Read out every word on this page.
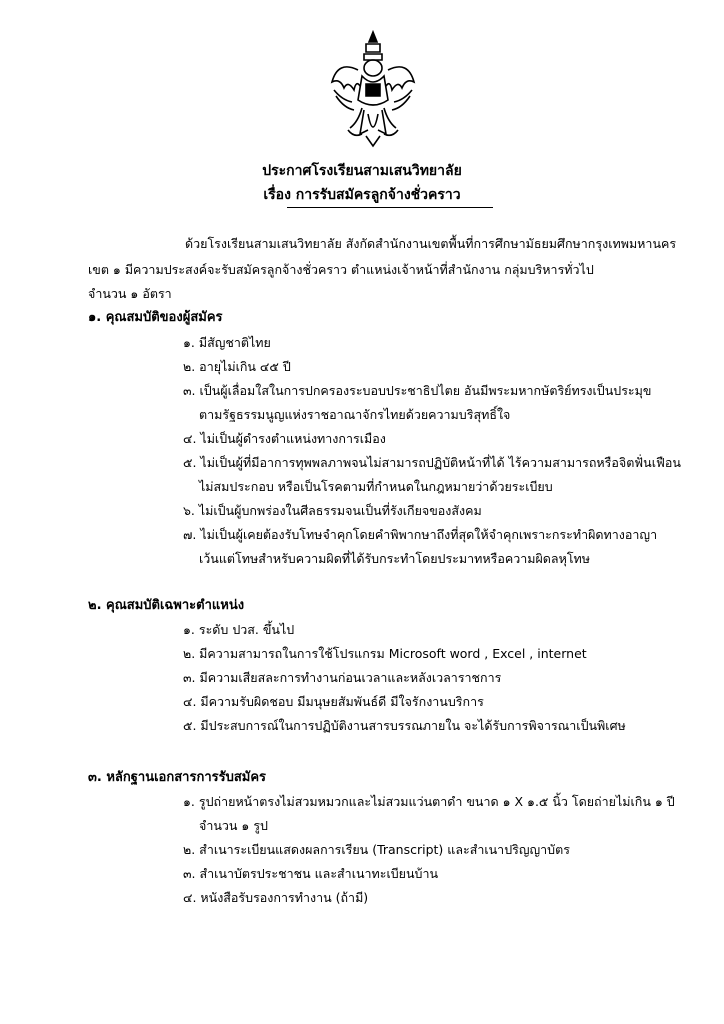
ประกาศโรงเรียนสามเสนวิทยาลัย
เรื่อง การรับสมัครลูกจ้างชั่วคราว
ด้วยโรงเรียนสามเสนวิทยาลัย สังกัดสำนักงานเขตพื้นที่การศึกษามัธยมศึกษากรุงเทพมหานคร
เขต ๑ มีความประสงค์จะรับสมัครลูกจ้างชั่วคราว ตำแหน่งเจ้าหน้าที่สำนักงาน กลุ่มบริหารทั่วไป
จำนวน ๑ อัตรา
๑. คุณสมบัติของผู้สมัคร
๑. มีสัญชาติไทย
๒. อายุไม่เกิน ๔๕ ปี
๓. เป็นผู้เลื่อมใสในการปกครองระบอบประชาธิปไตย อันมีพระมหากษัตริย์ทรงเป็นประมุข
ตามรัฐธรรมนูญแห่งราชอาณาจักรไทยด้วยความบริสุทธิ์ใจ
๔. ไม่เป็นผู้ดำรงตำแหน่งทางการเมือง
๕. ไม่เป็นผู้ที่มีอาการทุพพลภาพจนไม่สามารถปฏิบัติหน้าที่ได้ ไร้ความสามารถหรือจิตฟั่นเฟือน
ไม่สมประกอบ หรือเป็นโรคตามที่กำหนดในกฎหมายว่าด้วยระเบียบ
๖. ไม่เป็นผู้บกพร่องในศีลธรรมจนเป็นที่รังเกียจของสังคม
๗. ไม่เป็นผู้เคยต้องรับโทษจำคุกโดยคำพิพากษาถึงที่สุดให้จำคุกเพราะกระทำผิดทางอาญา
เว้นแต่โทษสำหรับความผิดที่ได้รับกระทำโดยประมาทหรือความผิดลหุโทษ
๒. คุณสมบัติเฉพาะตำแหน่ง
๑. ระดับ ปวส. ขึ้นไป
๒. มีความสามารถในการใช้โปรแกรม Microsoft word , Excel , internet
๓. มีความเสียสละการทำงานก่อนเวลาและหลังเวลาราชการ
๔. มีความรับผิดชอบ มีมนุษยสัมพันธ์ดี มีใจรักงานบริการ
๕. มีประสบการณ์ในการปฏิบัติงานสารบรรณภายใน จะได้รับการพิจารณาเป็นพิเศษ
๓. หลักฐานเอกสารการรับสมัคร
๑. รูปถ่ายหน้าตรงไม่สวมหมวกและไม่สวมแว่นตาดำ ขนาด ๑ X ๑.๕ นิ้ว โดยถ่ายไม่เกิน ๑ ปี
จำนวน ๑ รูป
๒. สำเนาระเบียนแสดงผลการเรียน (Transcript) และสำเนาปริญญาบัตร
๓. สำเนาบัตรประชาชน และสำเนาทะเบียนบ้าน
๔. หนังสือรับรองการทำงาน (ถ้ามี)
